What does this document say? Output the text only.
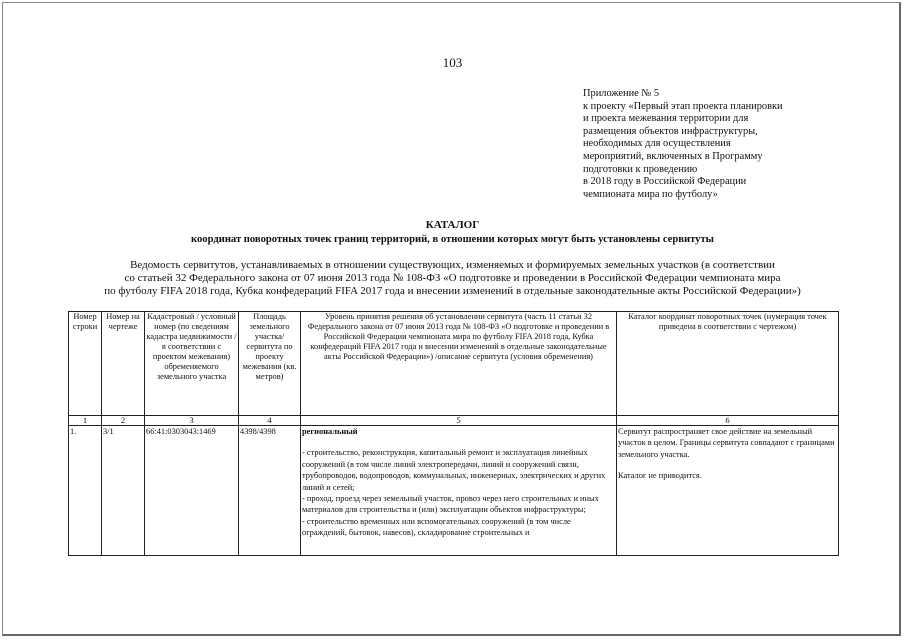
103
Приложение № 5
к проекту «Первый этап проекта планировки
и проекта межевания территории для
размещения объектов инфраструктуры,
необходимых для осуществления
мероприятий, включенных в Программу
подготовки к проведению
в 2018 году в Российской Федерации
чемпионата мира по футболу»
КАТАЛОГ
координат поворотных точек границ территорий, в отношении которых могут быть установлены сервитуты
Ведомость сервитутов, устанавливаемых в отношении существующих, изменяемых и формируемых земельных участков (в соответствии
со статьей 32 Федерального закона от 07 июня 2013 года № 108-ФЗ «О подготовке и проведении в Российской Федерации чемпионата мира
по футболу FIFA 2018 года, Кубка конфедераций FIFA 2017 года и внесении изменений в отдельные законодательные акты Российской Федерации»)
Номер строки	Номер на чертеже	Кадастровый / условный номер (по сведениям кадастра недвижимости / в соответствии с проектом межевания) обременяемого земельного участка	Площадь земельного участка/ сервитута по проекту межевания (кв. метров)	Уровень принятия решения об установлении сервитута (часть 11 статьи 32 Федерального закона от 07 июня 2013 года № 108-ФЗ «О подготовке и проведении в Российской Федерации чемпионата мира по футболу FIFA 2018 года, Кубка конфедераций FIFA 2017 года и внесении изменений в отдельные законодательные акты Российской Федерации») /описание сервитута (условия обременения)	Каталог координат поворотных точек (нумерация точек приведена в соответствии с чертежом)
1	2	3	4	5	6
1.	3/1	66:41:0303043:1469	4398/4398	региональный
- строительство, реконструкция, капитальный ремонт и эксплуатация линейных сооружений (в том числе линий электропередачи, линий и сооружений связи, трубопроводов, водопроводов, коммунальных, инженерных, электрических и других линий и сетей;
- проход, проезд через земельный участок, провоз через него строительных и иных материалов для строительства и (или) эксплуатации объектов инфраструктуры;
- строительство временных или вспомогательных сооружений (в том числе ограждений, бытовок, навесов), складирование строительных и	Сервитут распространяет свое действие на земельный участок в целом. Границы сервитута совпадают с границами земельного участка.
Каталог не приводится.
